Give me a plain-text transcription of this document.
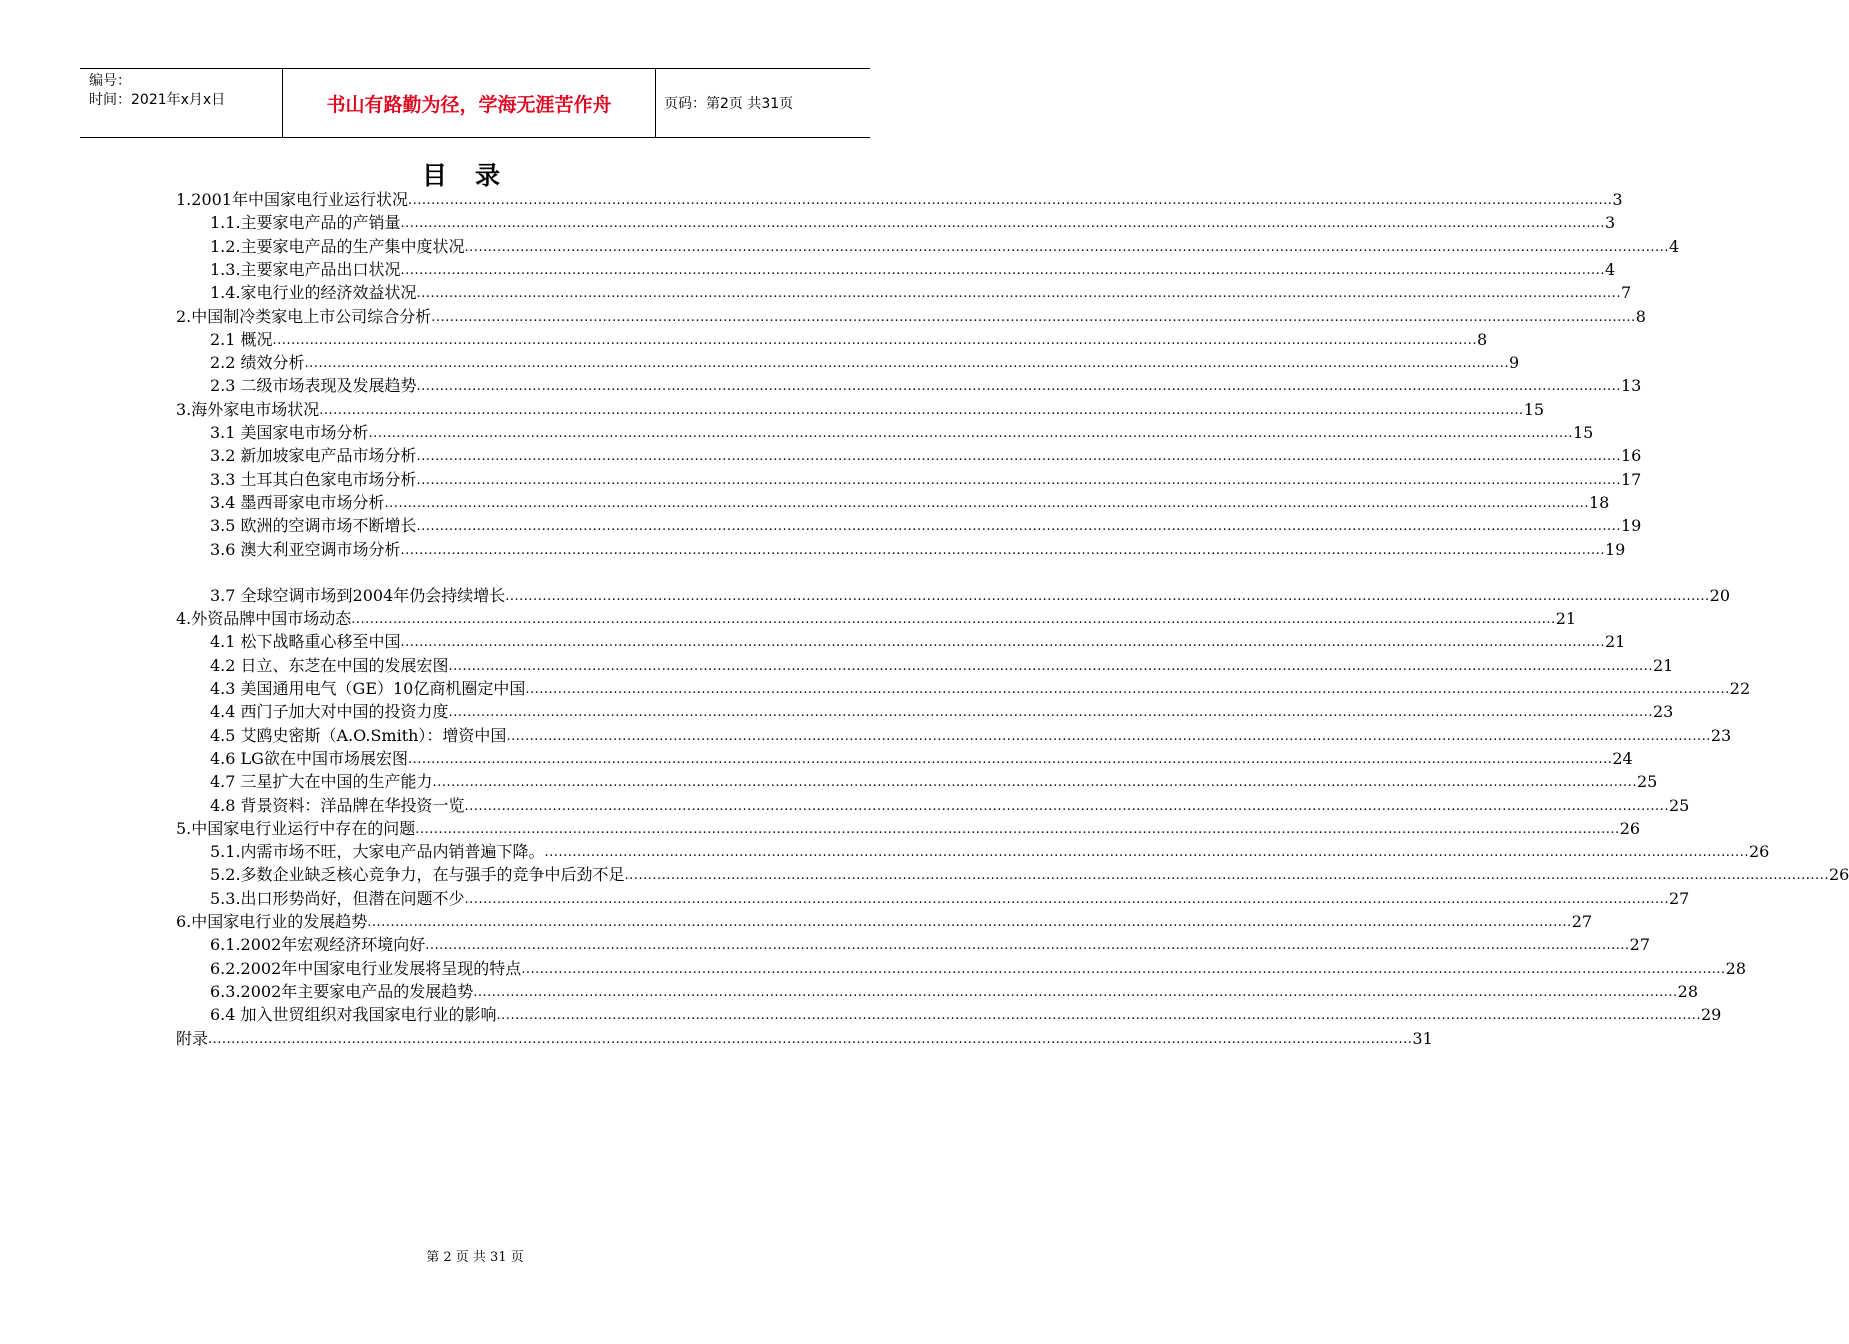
编号：
时间：2021年x月x日	书山有路勤为径，学海无涯苦作舟	页码：第2页 共31页
目录
1.2001年中国家电行业运行状况 .................................................................................................................................................................................................................................................................... 3
1.1.主要家电产品的产销量 .................................................................................................................................................................................................................................................................... 3
1.2.主要家电产品的生产集中度状况 .................................................................................................................................................................................................................................................................... 4
1.3.主要家电产品出口状况 .................................................................................................................................................................................................................................................................... 4
1.4.家电行业的经济效益状况 .................................................................................................................................................................................................................................................................... 7
2.中国制冷类家电上市公司综合分析 .................................................................................................................................................................................................................................................................... 8
2.1 概况 .................................................................................................................................................................................................................................................................... 8
2.2 绩效分析 .................................................................................................................................................................................................................................................................... 9
2.3 二级市场表现及发展趋势 .................................................................................................................................................................................................................................................................... 13
3.海外家电市场状况 .................................................................................................................................................................................................................................................................... 15
3.1 美国家电市场分析 .................................................................................................................................................................................................................................................................... 15
3.2 新加坡家电产品市场分析 .................................................................................................................................................................................................................................................................... 16
3.3 土耳其白色家电市场分析 .................................................................................................................................................................................................................................................................... 17
3.4 墨西哥家电市场分析 .................................................................................................................................................................................................................................................................... 18
3.5 欧洲的空调市场不断增长 .................................................................................................................................................................................................................................................................... 19
3.6 澳大利亚空调市场分析 .................................................................................................................................................................................................................................................................... 19
3.7 全球空调市场到2004年仍会持续增长 .................................................................................................................................................................................................................................................................... 20
4.外资品牌中国市场动态 .................................................................................................................................................................................................................................................................... 21
4.1 松下战略重心移至中国 .................................................................................................................................................................................................................................................................... 21
4.2 日立、东芝在中国的发展宏图 .................................................................................................................................................................................................................................................................... 21
4.3 美国通用电气（GE）10亿商机圈定中国 .................................................................................................................................................................................................................................................................... 22
4.4 西门子加大对中国的投资力度 .................................................................................................................................................................................................................................................................... 23
4.5 艾鸥史密斯（A.O.Smith）：增资中国 .................................................................................................................................................................................................................................................................... 23
4.6 LG欲在中国市场展宏图 .................................................................................................................................................................................................................................................................... 24
4.7 三星扩大在中国的生产能力 .................................................................................................................................................................................................................................................................... 25
4.8 背景资料：洋品牌在华投资一览 .................................................................................................................................................................................................................................................................... 25
5.中国家电行业运行中存在的问题 .................................................................................................................................................................................................................................................................... 26
5.1.内需市场不旺，大家电产品内销普遍下降。 .................................................................................................................................................................................................................................................................... 26
5.2.多数企业缺乏核心竞争力，在与强手的竞争中后劲不足 .................................................................................................................................................................................................................................................................... 26
5.3.出口形势尚好，但潜在问题不少 .................................................................................................................................................................................................................................................................... 27
6.中国家电行业的发展趋势 .................................................................................................................................................................................................................................................................... 27
6.1.2002年宏观经济环境向好 .................................................................................................................................................................................................................................................................... 27
6.2.2002年中国家电行业发展将呈现的特点 .................................................................................................................................................................................................................................................................... 28
6.3.2002年主要家电产品的发展趋势 .................................................................................................................................................................................................................................................................... 28
6.4 加入世贸组织对我国家电行业的影响 .................................................................................................................................................................................................................................................................... 29
附录 .................................................................................................................................................................................................................................................................... 31
第 2 页 共 31 页
